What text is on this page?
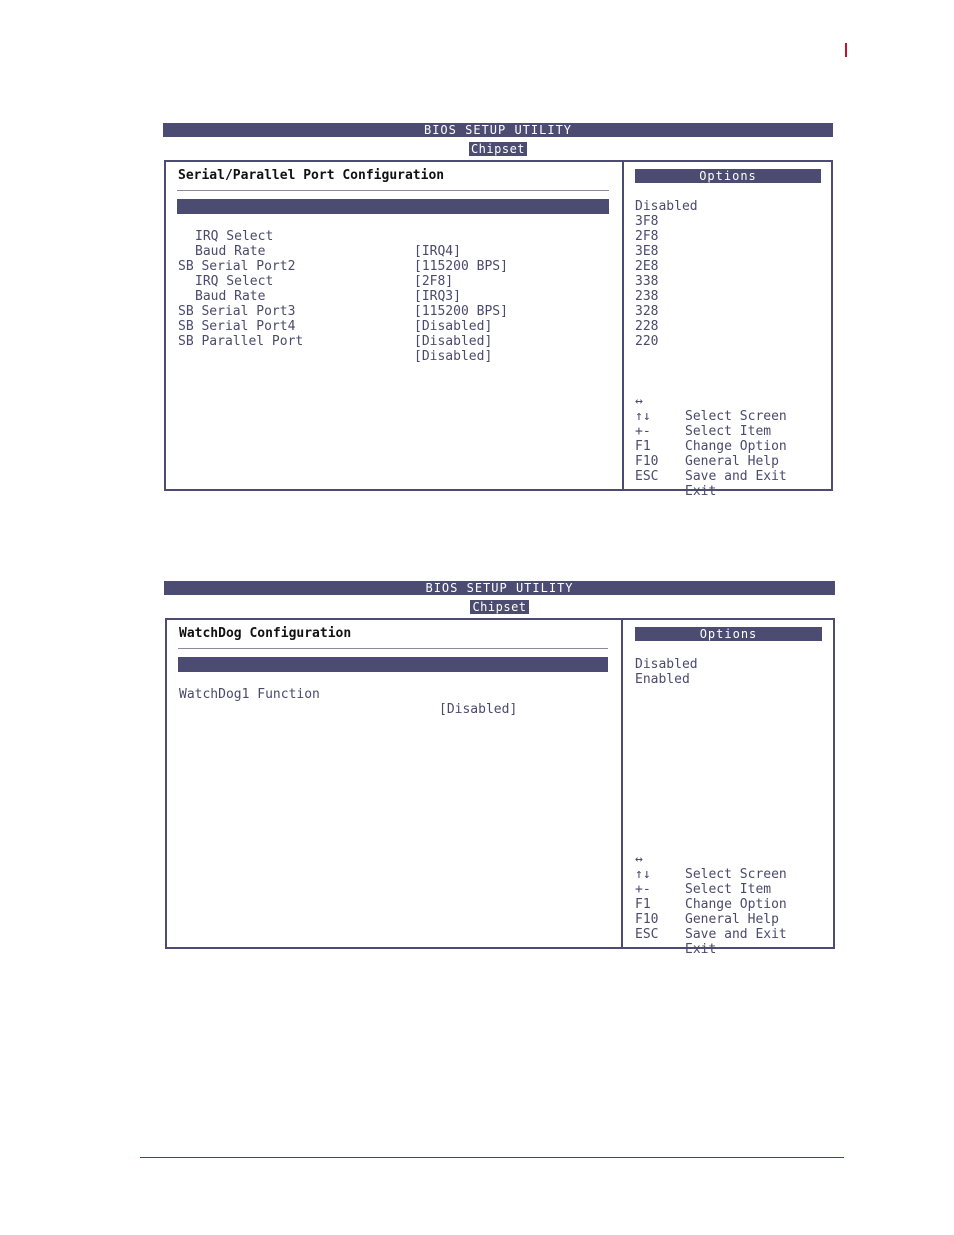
BIOS SETUP UTILITY
Chipset
Serial/Parallel Port Configuration

SB Serial Port1

[3F8]

IRQ Select

[IRQ4]

Baud Rate

[115200 BPS]

SB Serial Port2

[2F8]

IRQ Select

[IRQ3]

Baud Rate

[115200 BPS]

SB Serial Port3

[Disabled]

SB Serial Port4

[Disabled]

SB Parallel Port

[Disabled]

Options
Disabled
3F8
2F8
3E8
2E8
338
238
328
228
220

↔

Select Screen

↑↓

Select Item

+-

Change Option

F1

General Help

F10

Save and Exit

ESC

Exit

BIOS SETUP UTILITY
Chipset
WatchDog Configuration

WatchDog0 Function

[Disabled]

WatchDog1 Function

[Disabled]

Options
Disabled
Enabled

↔

Select Screen

↑↓

Select Item

+-

Change Option

F1

General Help

F10

Save and Exit

ESC

Exit
